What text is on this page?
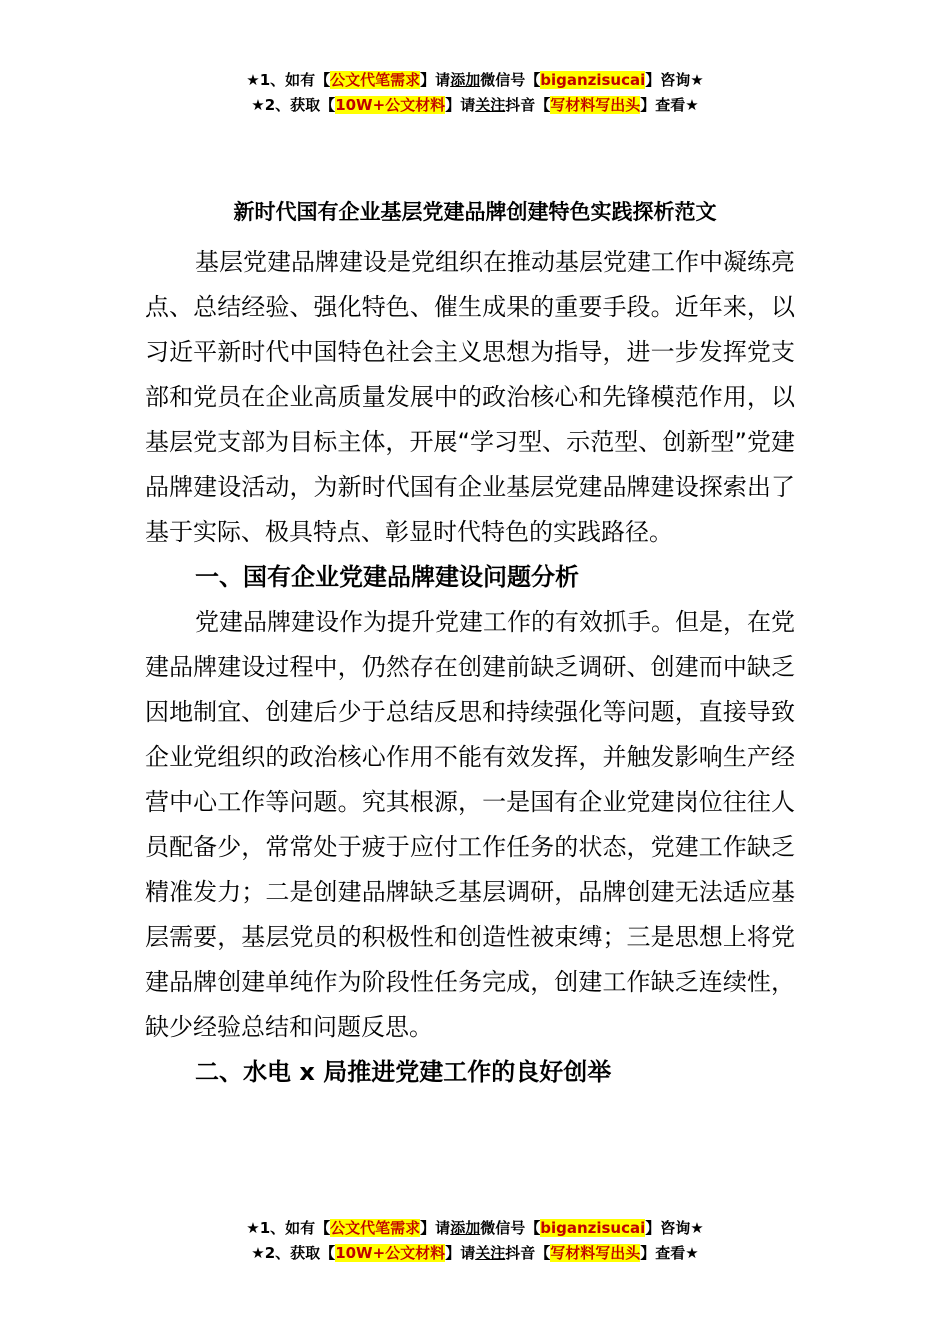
★1、如有【公文代笔需求】请添加微信号【biganzisucai】咨询★
★2、获取【10W+公文材料】请关注抖音【写材料写出头】查看★
新时代国有企业基层党建品牌创建特色实践探析范文

基层党建品牌建设是党组织在推动基层党建工作中凝练亮点、总结经验、强化特色、催生成果的重要手段。近年来，以习近平新时代中国特色社会主义思想为指导，进一步发挥党支部和党员在企业高质量发展中的政治核心和先锋模范作用，以基层党支部为目标主体，开展“学习型、示范型、创新型”党建品牌建设活动，为新时代国有企业基层党建品牌建设探索出了基于实际、极具特点、彰显时代特色的实践路径。

一、国有企业党建品牌建设问题分析

党建品牌建设作为提升党建工作的有效抓手。但是，在党建品牌建设过程中，仍然存在创建前缺乏调研、创建而中缺乏因地制宜、创建后少于总结反思和持续强化等问题，直接导致企业党组织的政治核心作用不能有效发挥，并触发影响生产经营中心工作等问题。究其根源，一是国有企业党建岗位往往人员配备少，常常处于疲于应付工作任务的状态，党建工作缺乏精准发力；二是创建品牌缺乏基层调研，品牌创建无法适应基层需要，基层党员的积极性和创造性被束缚；三是思想上将党建品牌创建单纯作为阶段性任务完成，创建工作缺乏连续性，缺少经验总结和问题反思。

二、水电 x 局推进党建工作的良好创举

★1、如有【公文代笔需求】请添加微信号【biganzisucai】咨询★
★2、获取【10W+公文材料】请关注抖音【写材料写出头】查看★
